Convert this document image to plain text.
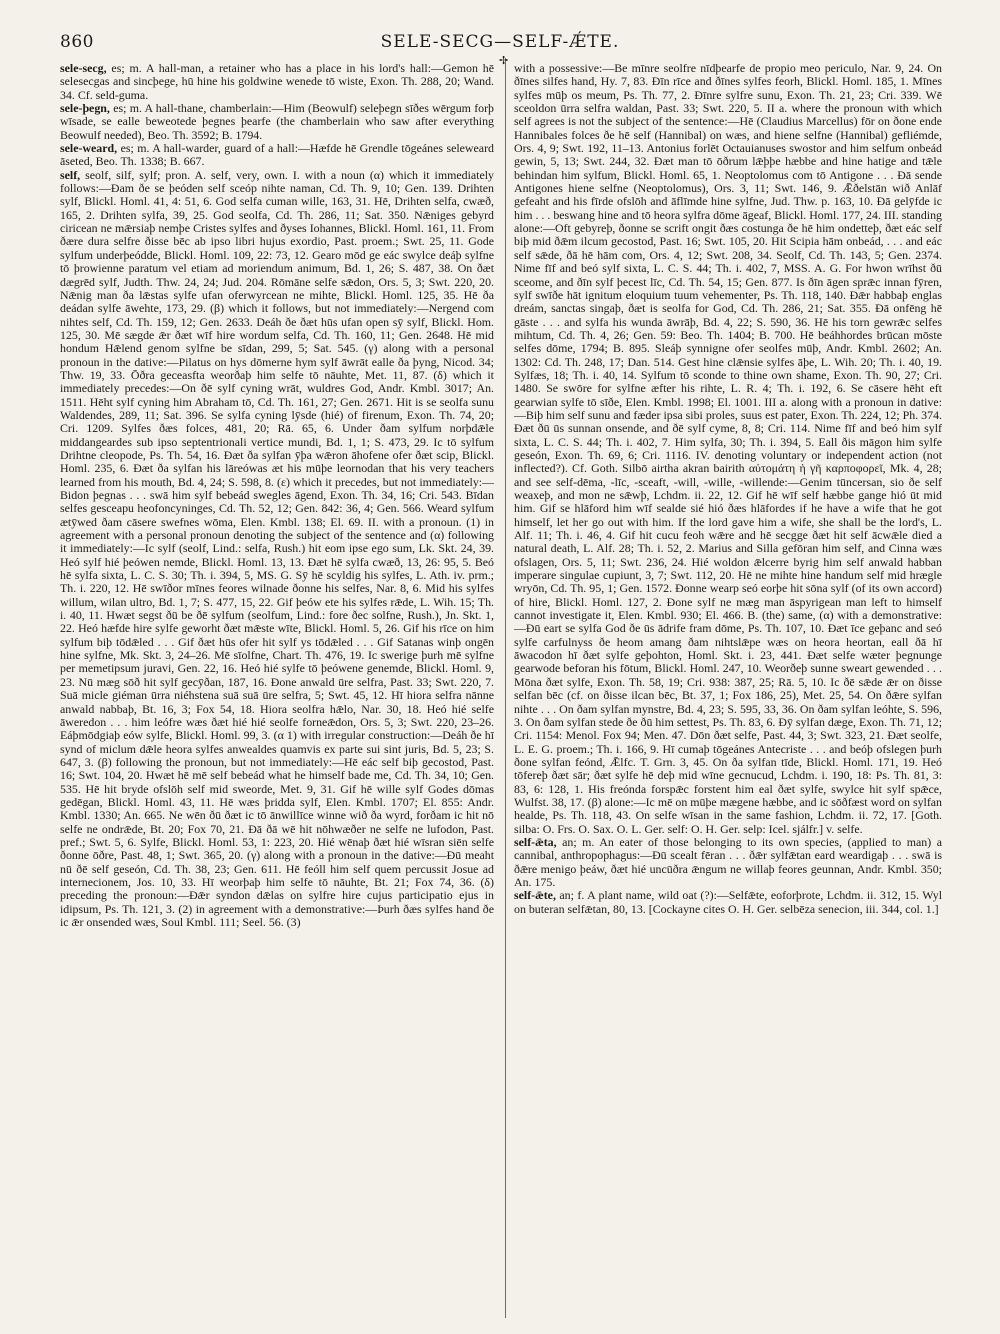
860	SELE-SECG—SELF-ǼTE.
✢

sele-secg, es; m. A hall-man, a retainer who has a place in his lord's hall:—Gemon hē selesecgas and sincþege, hū hine his goldwine wenede tō wiste, Exon. Th. 288, 20; Wand. 34. Cf. seld-guma.

sele-þegn, es; m. A hall-thane, chamberlain:—Him (Beowulf) seleþegn sīðes wērgum forþ wīsade, se ealle beweotede þegnes þearfe (the chamberlain who saw after everything Beowulf needed), Beo. Th. 3592; B. 1794.

sele-weard, es; m. A hall-warder, guard of a hall:—Hæfde hē Grendle tōgeánes seleweard āseted, Beo. Th. 1338; B. 667.

self, seolf, silf, sylf; pron. A. self, very, own. I. with a noun (α) which it immediately follows:—Ðam ðe se þeóden self sceóp nihte naman, Cd. Th. 9, 10; Gen. 139. Drihten sylf, Blickl. Homl. 41, 4: 51, 6. God selfa cuman wille, 163, 31. Hē, Drihten selfa, cwæð, 165, 2. Drihten sylfa, 39, 25. God seolfa, Cd. Th. 286, 11; Sat. 350. Nǣniges gebyrd ciricean ne mǣrsiaþ nemþe Cristes sylfes and ðyses Iohannes, Blickl. Homl. 161, 11. From ðære dura selfre ðisse bēc ab ipso libri hujus exordio, Past. proem.; Swt. 25, 11. Gode sylfum underþeódde, Blickl. Homl. 109, 22: 73, 12. Gearo mōd ge eác swylce deáþ sylfne tō þrowienne paratum vel etiam ad moriendum animum, Bd. 1, 26; S. 487, 38. On ðæt dægrēd sylf, Judth. Thw. 24, 24; Jud. 204. Rōmāne selfe sǣdon, Ors. 5, 3; Swt. 220, 20. Nǣnig man ða lǣstas sylfe ufan oferwyrcean ne mihte, Blickl. Homl. 125, 35. Hē ða deádan sylfe āwehte, 173, 29. (β) which it follows, but not immediately:—Nergend com nihtes self, Cd. Th. 159, 12; Gen. 2633. Deáh ðe ðæt hūs ufan open sȳ sylf, Blickl. Hom. 125, 30. Mē sægde ǣr ðæt wīf hire wordum selfa, Cd. Th. 160, 11; Gen. 2648. Hē mid hondum Hǣlend genom sylfne be sīdan, 299, 5; Sat. 545. (γ) along with a personal pronoun in the dative:—Pilatus on hys dōmerne hym sylf āwrāt ealle ða þyng, Nicod. 34; Thw. 19, 33. Ōðra geceasfta weorðaþ him selfe tō nāuhte, Met. 11, 87. (δ) which it immediately precedes:—On ðē sylf cyning wrāt, wuldres God, Andr. Kmbl. 3017; An. 1511. Hēht sylf cyning him Abraham tō, Cd. Th. 161, 27; Gen. 2671. Hit is se seolfa sunu Waldendes, 289, 11; Sat. 396. Se sylfa cyning lȳsde (hié) of firenum, Exon. Th. 74, 20; Cri. 1209. Sylfes ðæs folces, 481, 20; Rā. 65, 6. Under ðam sylfum norþdǣle middangeardes sub ipso septentrionali vertice mundi, Bd. 1, 1; S. 473, 29. Ic tō sylfum Drihtne cleopode, Ps. Th. 54, 16. Ðæt ða sylfan ȳþa wǣron āhofene ofer ðæt scip, Blickl. Homl. 235, 6. Ðæt ða sylfan his lāreówas æt his mūþe leornodan that his very teachers learned from his mouth, Bd. 4, 24; S. 598, 8. (ε) which it precedes, but not immediately:—Bidon þegnas . . . swā him sylf bebeád swegles āgend, Exon. Th. 34, 16; Cri. 543. Bīdan selfes gesceapu heofoncyninges, Cd. Th. 52, 12; Gen. 842: 36, 4; Gen. 566. Weard sylfum ætȳwed ðam cāsere swefnes wōma, Elen. Kmbl. 138; El. 69. II. with a pronoun. (1) in agreement with a personal pronoun denoting the subject of the sentence and (α) following it immediately:—Ic sylf (seolf, Lind.: selfa, Rush.) hit eom ipse ego sum, Lk. Skt. 24, 39. Heó sylf hié þeówen nemde, Blickl. Homl. 13, 13. Ðæt hē sylfa cwæð, 13, 26: 95, 5. Beó hē sylfa sixta, L. C. S. 30; Th. i. 394, 5, MS. G. Sȳ hē scyldig his sylfes, L. Ath. iv. prm.; Th. i. 220, 12. Hē swīðor mīnes feores wilnade ðonne his selfes, Nar. 8, 6. Mid his sylfes willum, wilan ultro, Bd. 1, 7; S. 477, 15, 22. Gif þeów ete his sylfes rǣde, L. Wih. 15; Th. i. 40, 11. Hwæt segst ðū be ðē sylfum (seolfum, Lind.: fore ðec solfne, Rush.), Jn. Skt. 1, 22. Heó hæfde hire sylfe geworht ðæt mǣste wīte, Blickl. Homl. 5, 26. Gif his rīce on him sylfum biþ tōdǣled . . . Gif ðæt hūs ofer hit sylf ys tōdǣled . . . Gif Satanas winþ ongēn hine sylfne, Mk. Skt. 3, 24–26. Mē sīolfne, Chart. Th. 476, 19. Ic swerige þurh mē sylfne per memetipsum juravi, Gen. 22, 16. Heó hié sylfe tō þeówene genemde, Blickl. Homl. 9, 23. Nū mæg sōð hit sylf gecȳðan, 187, 16. Ðone anwald ūre selfra, Past. 33; Swt. 220, 7. Suā micle giéman ūrra niéhstena suā suā ūre selfra, 5; Swt. 45, 12. Hī hiora selfra nānne anwald nabbaþ, Bt. 16, 3; Fox 54, 18. Hiora seolfra hǣlo, Nar. 30, 18. Heó hié selfe āweredon . . . him leófre wæs ðæt hié hié seolfe forneǣdon, Ors. 5, 3; Swt. 220, 23–26. Eáþmōdgiaþ eów sylfe, Blickl. Homl. 99, 3. (α 1) with irregular construction:—Deáh ðe hī synd of miclum dǣle heora sylfes anwealdes quamvis ex parte sui sint juris, Bd. 5, 23; S. 647, 3. (β) following the pronoun, but not immediately:—Hē eác self biþ gecostod, Past. 16; Swt. 104, 20. Hwæt hē mē self bebeád what he himself bade me, Cd. Th. 34, 10; Gen. 535. Hē hit bryde ofslōh self mid sweorde, Met. 9, 31. Gif hē wille sylf Godes dōmas gedēgan, Blickl. Homl. 43, 11. Hē wæs þridda sylf, Elen. Kmbl. 1707; El. 855: Andr. Kmbl. 1330; An. 665. Ne wēn ðū ðæt ic tō ānwillīce winne wið ða wyrd, forðam ic hit nō selfe ne ondrǣde, Bt. 20; Fox 70, 21. Ðā ðā wē hit nōhwæðer ne selfe ne lufodon, Past. pref.; Swt. 5, 6. Sylfe, Blickl. Homl. 53, 1: 223, 20. Hié wēnaþ ðæt hié wīsran siēn selfe ðonne ōðre, Past. 48, 1; Swt. 365, 20. (γ) along with a pronoun in the dative:—Ðū meaht nū ðē self geseón, Cd. Th. 38, 23; Gen. 611. Hē feóll him self quem percussit Josue ad internecionem, Jos. 10, 33. Hī weorþaþ him selfe tō nāuhte, Bt. 21; Fox 74, 36. (δ) preceding the pronoun:—Ðǣr syndon dǣlas on sylfre hire cujus participatio ejus in idipsum, Ps. Th. 121, 3. (2) in agreement with a demonstrative:—Þurh ðæs sylfes hand ðe ic ǣr onsended wæs, Soul Kmbl. 111; Seel. 56. (3)

with a possessive:—Be mīnre seolfre nīdþearfe de propio meo periculo, Nar. 9, 24. On ðīnes silfes hand, Hy. 7, 83. Ðīn rīce and ðīnes sylfes feorh, Blickl. Homl. 185, 1. Mīnes sylfes mūþ os meum, Ps. Th. 77, 2. Ðīnre sylfre sunu, Exon. Th. 21, 23; Cri. 339. Wē sceoldon ūrra selfra waldan, Past. 33; Swt. 220, 5. II a. where the pronoun with which self agrees is not the subject of the sentence:—Hē (Claudius Marcellus) fōr on ðone ende Hannibales folces ðe hē self (Hannibal) on wæs, and hiene selfne (Hannibal) gefliémde, Ors. 4, 9; Swt. 192, 11–13. Antonius forlēt Octauianuses swostor and him selfum onbeád gewin, 5, 13; Swt. 244, 32. Ðæt man tō ōðrum lǣþþe hæbbe and hine hatige and tǣle behindan him sylfum, Blickl. Homl. 65, 1. Neoptolomus com tō Antigone . . . Ðā sende Antigones hiene selfne (Neoptolomus), Ors. 3, 11; Swt. 146, 9. Ǣðelstān wið Anlāf gefeaht and his fīrde ofslōh and āflīmde hine sylfne, Jud. Thw. p. 163, 10. Ðā gelȳfde ic him . . . beswang hine and tō heora sylfra dōme āgeaf, Blickl. Homl. 177, 24. III. standing alone:—Oft gebyreþ, ðonne se scrift ongit ðæs costunga ðe hē him ondetteþ, ðæt eác self biþ mid ðǣm ilcum gecostod, Past. 16; Swt. 105, 20. Hit Scipia hām onbeád, . . . and eác self sǣde, ðā hē hām com, Ors. 4, 12; Swt. 208, 34. Seolf, Cd. Th. 143, 5; Gen. 2374. Nime fīf and beó sylf sixta, L. C. S. 44; Th. i. 402, 7, MSS. A. G. For hwon wrīhst ðū sceome, and ðīn sylf þecest līc, Cd. Th. 54, 15; Gen. 877. Is ðīn āgen sprǣc innan fȳren, sylf swīðe hāt ignitum eloquium tuum vehementer, Ps. Th. 118, 140. Ðǣr habbaþ englas dreám, sanctas singaþ, ðæt is seolfa for God, Cd. Th. 286, 21; Sat. 355. Ðā onfēng hē gāste . . . and sylfa his wunda āwrāþ, Bd. 4, 22; S. 590, 36. Hē his torn gewrǣc selfes mihtum, Cd. Th. 4, 26; Gen. 59: Beo. Th. 1404; B. 700. Hē beáhhordes brūcan mōste selfes dōme, 1794; B. 895. Sleáþ synnigne ofer seolfes mūþ, Andr. Kmbl. 2602; An. 1302: Cd. Th. 248, 17; Dan. 514. Gest hine clǣnsie sylfes āþe, L. Wih. 20; Th. i. 40, 19. Sylfæs, 18; Th. i. 40, 14. Sylfum tō sconde to thine own shame, Exon. Th. 90, 27; Cri. 1480. Se swōre for sylfne æfter his rihte, L. R. 4; Th. i. 192, 6. Se cāsere hēht eft gearwian sylfe tō sīðe, Elen. Kmbl. 1998; El. 1001. III a. along with a pronoun in dative:—Biþ him self sunu and fæder ipsa sibi proles, suus est pater, Exon. Th. 224, 12; Ph. 374. Ðæt ðū ūs sunnan onsende, and ðē sylf cyme, 8, 8; Cri. 114. Nime fīf and beó him sylf sixta, L. C. S. 44; Th. i. 402, 7. Him sylfa, 30; Th. i. 394, 5. Eall ðis māgon him sylfe geseón, Exon. Th. 69, 6; Cri. 1116. IV. denoting voluntary or independent action (not inflected?). Cf. Goth. Silbō airtha akran bairith αὐτομάτη ἡ γῆ καρποφορεῖ, Mk. 4, 28; and see self-dēma, -līc, -sceaft, -will, -wille, -willende:—Genim tūncersan, sio ðe self weaxeþ, and mon ne sǣwþ, Lchdm. ii. 22, 12. Gif hē wīf self hæbbe gange hió ūt mid him. Gif se hlāford him wīf sealde sié hió ðæs hlāfordes if he have a wife that he got himself, let her go out with him. If the lord gave him a wife, she shall be the lord's, L. Alf. 11; Th. i. 46, 4. Gif hit cucu feoh wǣre and hē secgge ðæt hit self ācwǣle died a natural death, L. Alf. 28; Th. i. 52, 2. Marius and Silla gefōran him self, and Cinna wæs ofslagen, Ors. 5, 11; Swt. 236, 24. Hié woldon ǣlcerre byrig him self anwald habban imperare singulae cupiunt, 3, 7; Swt. 112, 20. Hē ne mihte hine handum self mid hrægle wryōn, Cd. Th. 95, 1; Gen. 1572. Ðonne wearp seó eorþe hit sōna sylf (of its own accord) of hire, Blickl. Homl. 127, 2. Ðone sylf ne mæg man āspyrigean man left to himself cannot investigate it, Elen. Kmbl. 930; El. 466. B. (the) same, (α) with a demonstrative:—Ðū eart se sylfa God ðe ūs ādrife fram dōme, Ps. Th. 107, 10. Ðæt īce geþanc and seó sylfe carfulnyss ðe heom amang ðam nihtslǣpe wæs on heora heortan, eall ðā hī āwacodon hī ðæt sylfe geþohton, Homl. Skt. i. 23, 441. Ðæt selfe wæter þegnunge gearwode beforan his fōtum, Blickl. Homl. 247, 10. Weorðeþ sunne sweart gewended . . . Mōna ðæt sylfe, Exon. Th. 58, 19; Cri. 938: 387, 25; Rā. 5, 10. Ic ðē sǣde ǣr on ðisse selfan bēc (cf. on ðisse ilcan bēc, Bt. 37, 1; Fox 186, 25), Met. 25, 54. On ðǣre sylfan nihte . . . On ðam sylfan mynstre, Bd. 4, 23; S. 595, 33, 36. On ðam sylfan leóhte, S. 596, 3. On ðam sylfan stede ðe ðū him settest, Ps. Th. 83, 6. Ðȳ sylfan dæge, Exon. Th. 71, 12; Cri. 1154: Menol. Fox 94; Men. 47. Dōn ðæt selfe, Past. 44, 3; Swt. 323, 21. Ðæt seolfe, L. E. G. proem.; Th. i. 166, 9. Hī cumaþ tōgeánes Antecriste . . . and beóþ ofslegen þurh ðone sylfan feónd, Ǣlfc. T. Grn. 3, 45. On ða sylfan tīde, Blickl. Homl. 171, 19. Heó tōfereþ ðæt sār; ðæt sylfe hē deþ mid wīne gecnucud, Lchdm. i. 190, 18: Ps. Th. 81, 3: 83, 6: 128, 1. His freónda forspǣc forstent him eal ðæt sylfe, swylce hit sylf spǣce, Wulfst. 38, 17. (β) alone:—Ic mē on mūþe mægene hæbbe, and ic sōðfæst word on sylfan healde, Ps. Th. 118, 43. On selfe wīsan in the same fashion, Lchdm. ii. 72, 17. [Goth. silba: O. Frs. O. Sax. O. L. Ger. self: O. H. Ger. selp: Icel. sjálfr.] v. selfe.

self-ǣta, an; m. An eater of those belonging to its own species, (applied to man) a cannibal, anthropophagus:—Ðū scealt fēran . . . ðǣr sylfǣtan eard weardigaþ . . . swā is ðǣre menigo þeáw, ðæt hié uncūðra ǣngum ne willaþ feores geunnan, Andr. Kmbl. 350; An. 175.

self-ǣte, an; f. A plant name, wild oat (?):—Selfǣte, eoforþrote, Lchdm. ii. 312, 15. Wyl on buteran selfǣtan, 80, 13. [Cockayne cites O. H. Ger. selbēza senecion, iii. 344, col. 1.]
